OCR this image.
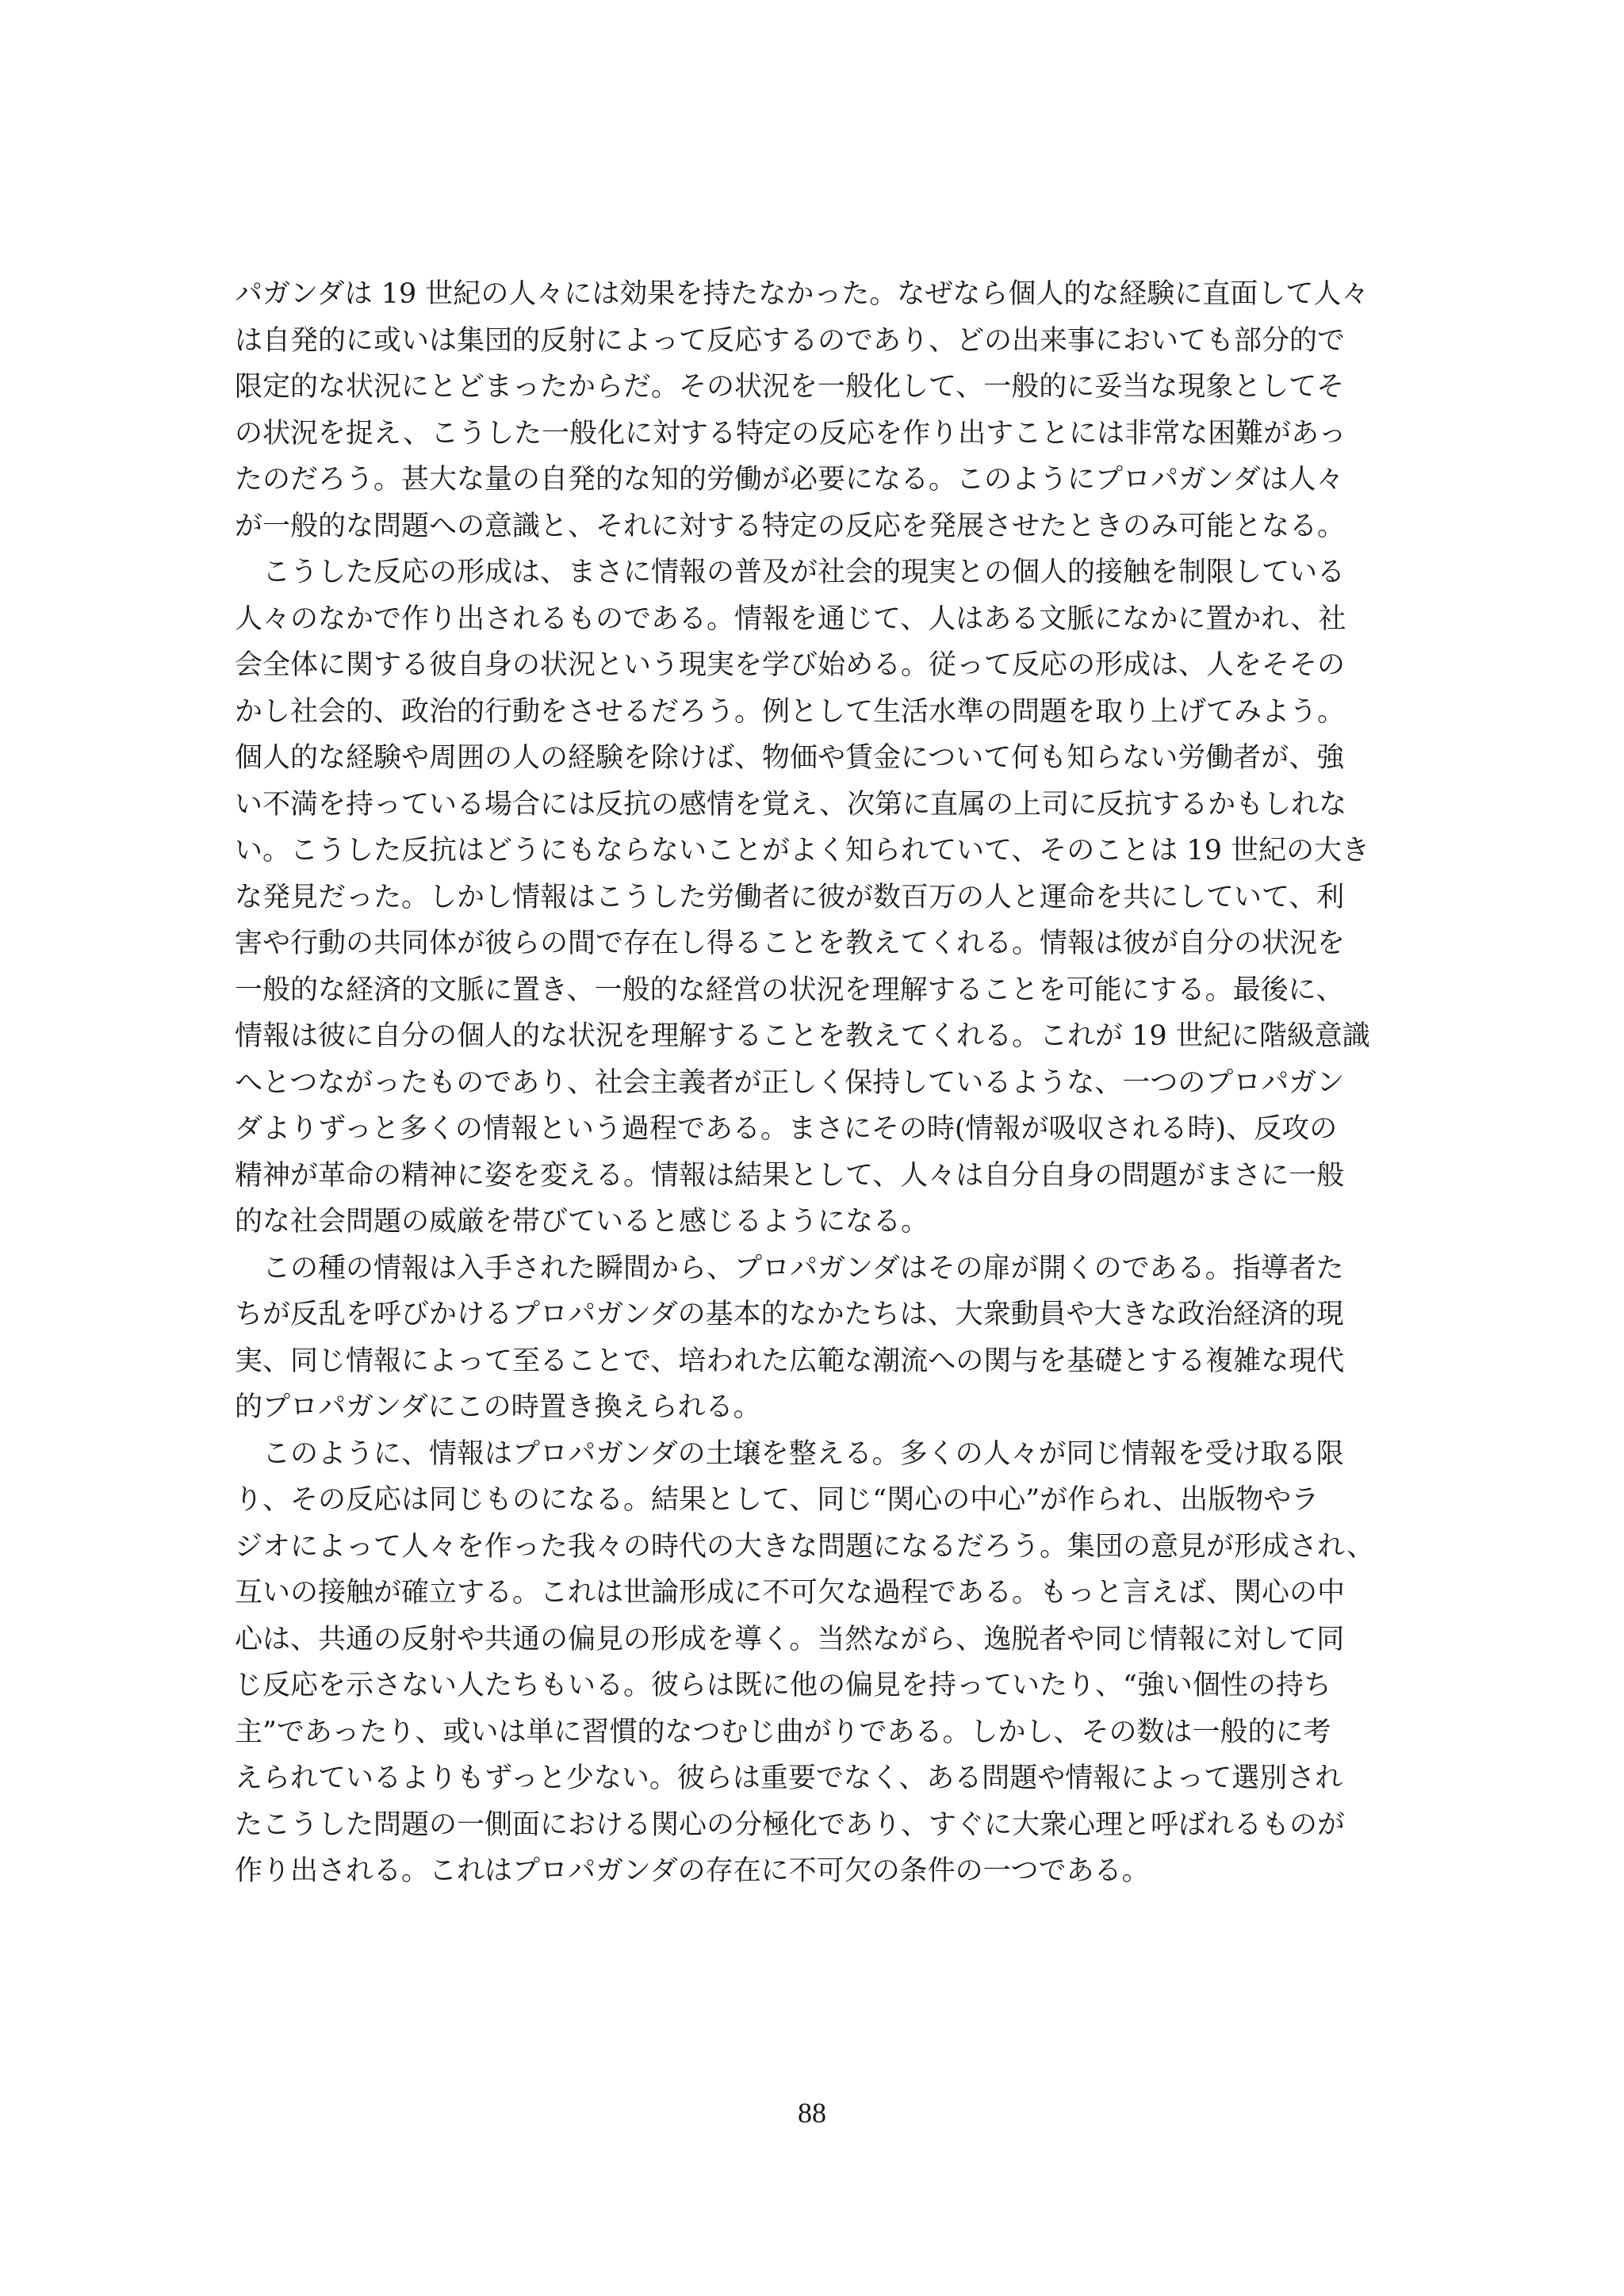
パガンダは 19 世紀の人々には効果を持たなかった。なぜなら個人的な経験に直面して人々
は自発的に或いは集団的反射によって反応するのであり、どの出来事においても部分的で
限定的な状況にとどまったからだ。その状況を一般化して、一般的に妥当な現象としてそ
の状況を捉え、こうした一般化に対する特定の反応を作り出すことには非常な困難があっ
たのだろう。甚大な量の自発的な知的労働が必要になる。このようにプロパガンダは人々
が一般的な問題への意識と、それに対する特定の反応を発展させたときのみ可能となる。
　こうした反応の形成は、まさに情報の普及が社会的現実との個人的接触を制限している
人々のなかで作り出されるものである。情報を通じて、人はある文脈になかに置かれ、社
会全体に関する彼自身の状況という現実を学び始める。従って反応の形成は、人をそその
かし社会的、政治的行動をさせるだろう。例として生活水準の問題を取り上げてみよう。
個人的な経験や周囲の人の経験を除けば、物価や賃金について何も知らない労働者が、強
い不満を持っている場合には反抗の感情を覚え、次第に直属の上司に反抗するかもしれな
い。こうした反抗はどうにもならないことがよく知られていて、そのことは 19 世紀の大き
な発見だった。しかし情報はこうした労働者に彼が数百万の人と運命を共にしていて、利
害や行動の共同体が彼らの間で存在し得ることを教えてくれる。情報は彼が自分の状況を
一般的な経済的文脈に置き、一般的な経営の状況を理解することを可能にする。最後に、
情報は彼に自分の個人的な状況を理解することを教えてくれる。これが 19 世紀に階級意識
へとつながったものであり、社会主義者が正しく保持しているような、一つのプロパガン
ダよりずっと多くの情報という過程である。まさにその時(情報が吸収される時)、反攻の
精神が革命の精神に姿を変える。情報は結果として、人々は自分自身の問題がまさに一般
的な社会問題の威厳を帯びていると感じるようになる。
　この種の情報は入手された瞬間から、プロパガンダはその扉が開くのである。指導者た
ちが反乱を呼びかけるプロパガンダの基本的なかたちは、大衆動員や大きな政治経済的現
実、同じ情報によって至ることで、培われた広範な潮流への関与を基礎とする複雑な現代
的プロパガンダにこの時置き換えられる。
　このように、情報はプロパガンダの土壌を整える。多くの人々が同じ情報を受け取る限
り、その反応は同じものになる。結果として、同じ“関心の中心”が作られ、出版物やラ
ジオによって人々を作った我々の時代の大きな問題になるだろう。集団の意見が形成され、
互いの接触が確立する。これは世論形成に不可欠な過程である。もっと言えば、関心の中
心は、共通の反射や共通の偏見の形成を導く。当然ながら、逸脱者や同じ情報に対して同
じ反応を示さない人たちもいる。彼らは既に他の偏見を持っていたり、“強い個性の持ち
主”であったり、或いは単に習慣的なつむじ曲がりである。しかし、その数は一般的に考
えられているよりもずっと少ない。彼らは重要でなく、ある問題や情報によって選別され
たこうした問題の一側面における関心の分極化であり、すぐに大衆心理と呼ばれるものが
作り出される。これはプロパガンダの存在に不可欠の条件の一つである。
88
